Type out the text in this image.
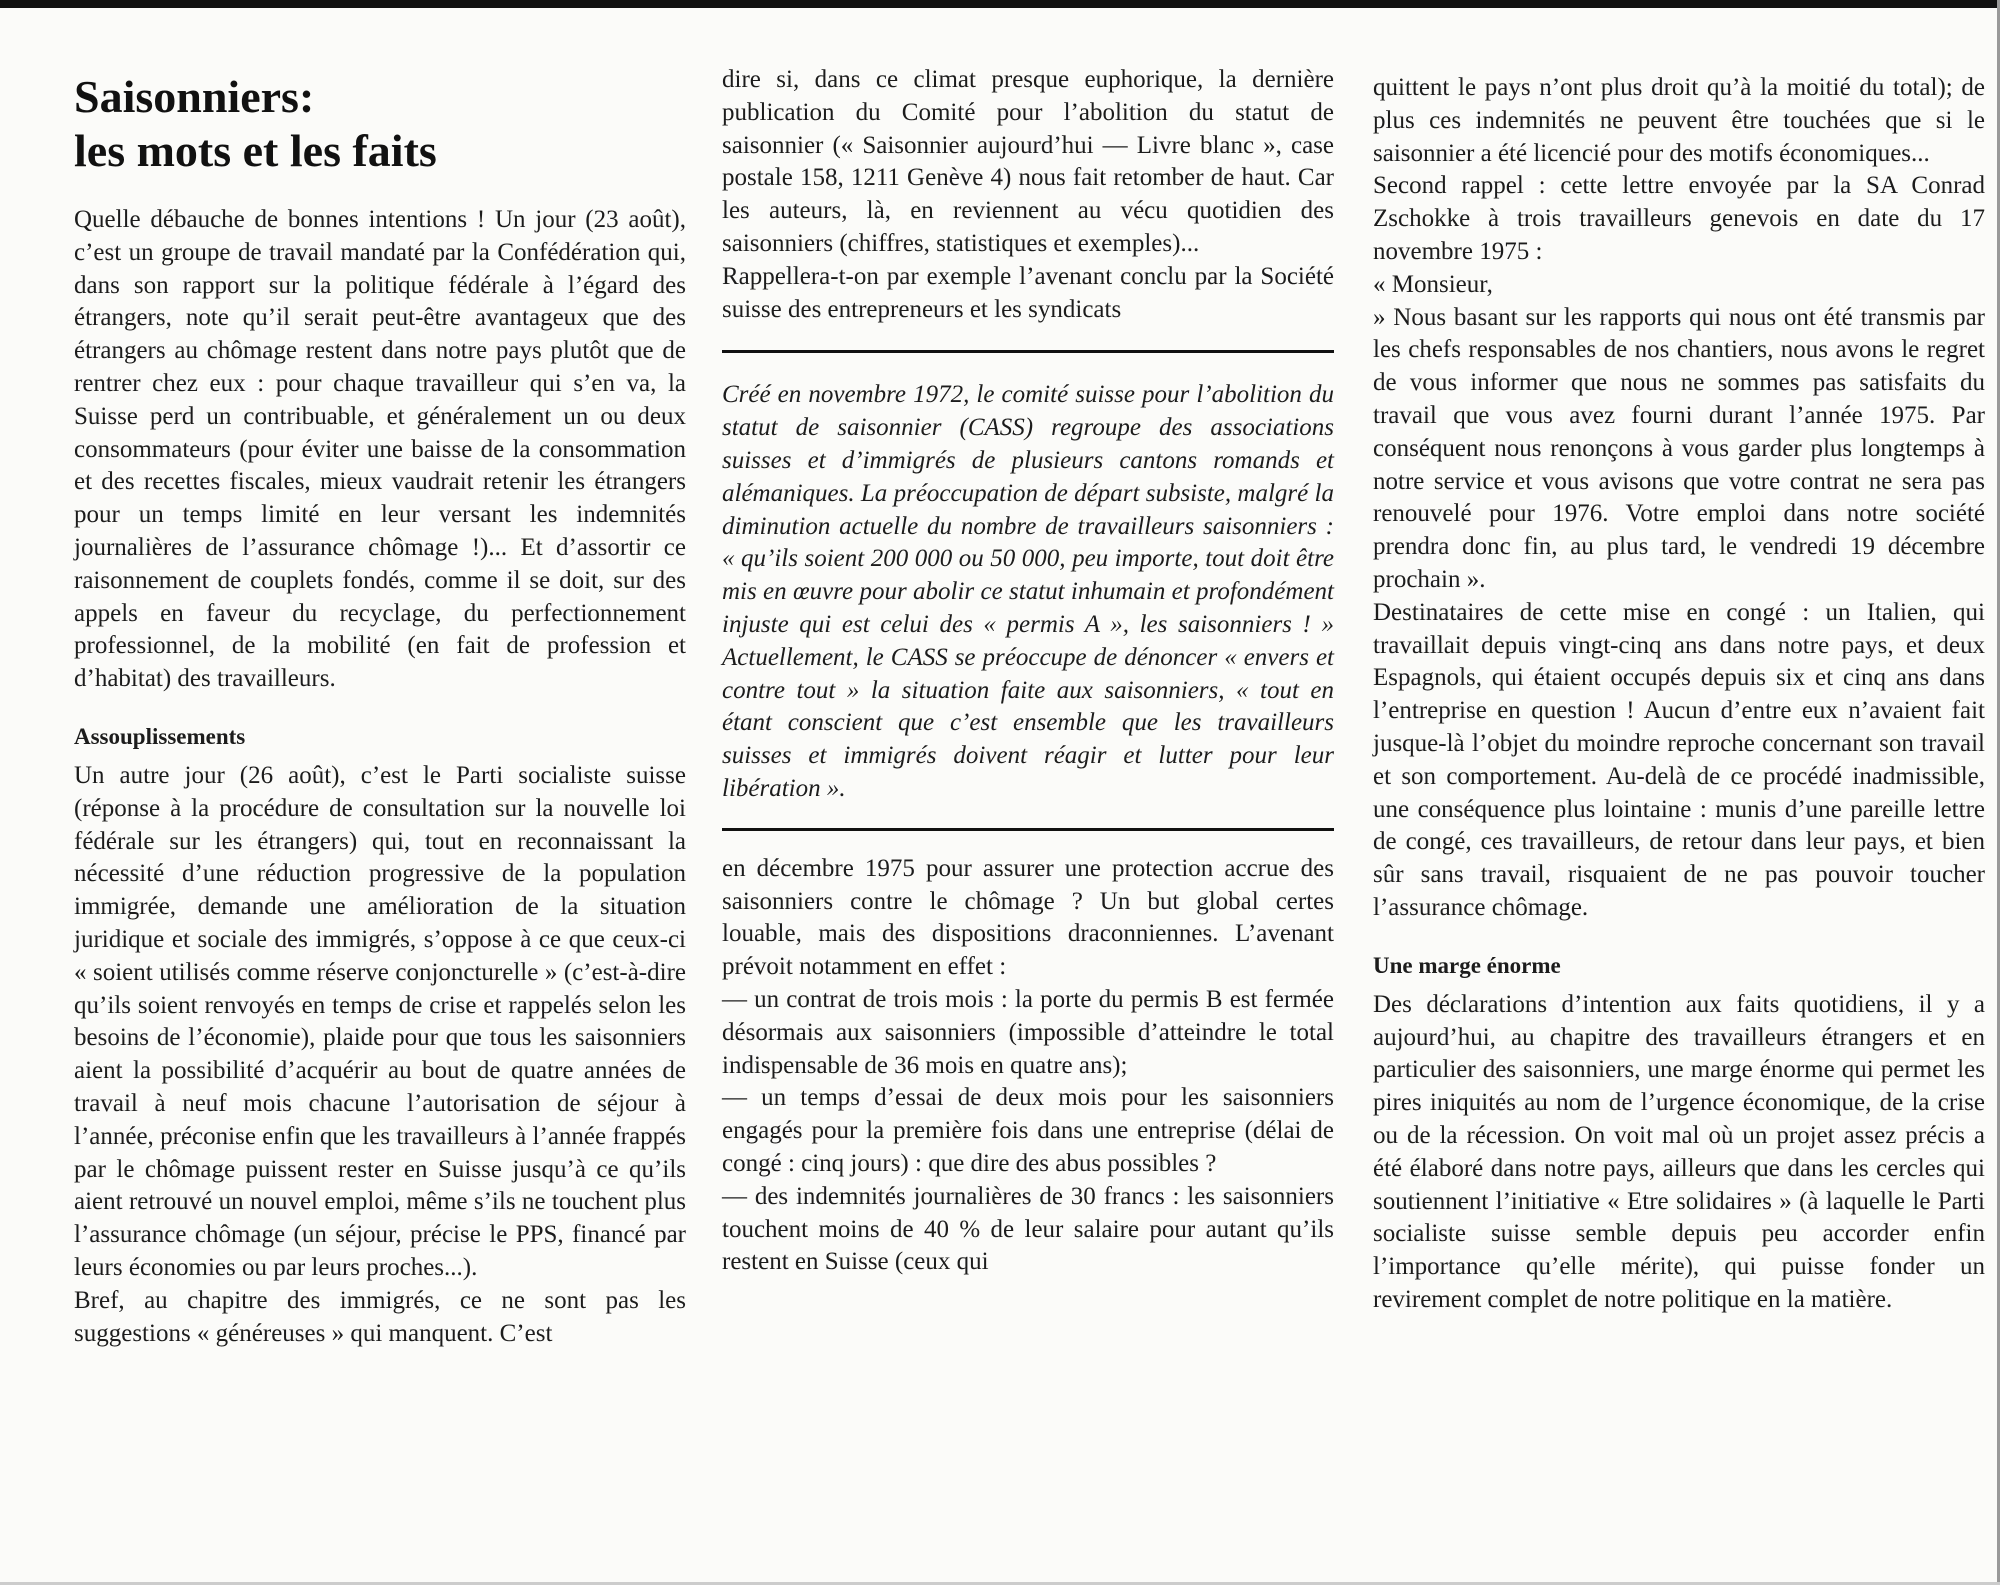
Saisonniers:
les mots et les faits

Quelle débauche de bonnes intentions ! Un jour (23 août), c’est un groupe de travail mandaté par la Confédération qui, dans son rapport sur la politique fédérale à l’égard des étrangers, note qu’il serait peut-être avantageux que des étrangers au chômage restent dans notre pays plutôt que de rentrer chez eux : pour chaque travailleur qui s’en va, la Suisse perd un contribuable, et généralement un ou deux consommateurs (pour éviter une baisse de la consommation et des recettes fiscales, mieux vaudrait retenir les étrangers pour un temps limité en leur versant les indemnités journalières de l’assurance chômage !)... Et d’assortir ce raisonnement de couplets fondés, comme il se doit, sur des appels en faveur du recyclage, du perfectionnement professionnel, de la mobilité (en fait de profession et d’habitat) des travailleurs.

Assouplissements

Un autre jour (26 août), c’est le Parti socialiste suisse (réponse à la procédure de consultation sur la nouvelle loi fédérale sur les étrangers) qui, tout en reconnaissant la nécessité d’une réduction progressive de la population immigrée, demande une amélioration de la situation juridique et sociale des immigrés, s’oppose à ce que ceux-ci « soient utilisés comme réserve conjoncturelle » (c’est-à-dire qu’ils soient renvoyés en temps de crise et rappelés selon les besoins de l’économie), plaide pour que tous les saisonniers aient la possibilité d’acquérir au bout de quatre années de travail à neuf mois chacune l’autorisation de séjour à l’année, préconise enfin que les travailleurs à l’année frappés par le chômage puissent rester en Suisse jusqu’à ce qu’ils aient retrouvé un nouvel emploi, même s’ils ne touchent plus l’assurance chômage (un séjour, précise le PPS, financé par leurs économies ou par leurs proches...).

Bref, au chapitre des immigrés, ce ne sont pas les suggestions « généreuses » qui manquent. C’est

dire si, dans ce climat presque euphorique, la dernière publication du Comité pour l’abolition du statut de saisonnier (« Saisonnier aujourd’hui — Livre blanc », case postale 158, 1211 Genève 4) nous fait retomber de haut. Car les auteurs, là, en reviennent au vécu quotidien des saisonniers (chiffres, statistiques et exemples)...

Rappellera-t-on par exemple l’avenant conclu par la Société suisse des entrepreneurs et les syndicats

Créé en novembre 1972, le comité suisse pour l’abolition du statut de saisonnier (CASS) regroupe des associations suisses et d’immigrés de plusieurs cantons romands et alémaniques. La préoccupation de départ subsiste, malgré la diminution actuelle du nombre de travailleurs saisonniers : « qu’ils soient 200 000 ou 50 000, peu importe, tout doit être mis en œuvre pour abolir ce statut inhumain et profondément injuste qui est celui des « permis A », les saisonniers ! » Actuellement, le CASS se préoccupe de dénoncer « envers et contre tout » la situation faite aux saisonniers, « tout en étant conscient que c’est ensemble que les travailleurs suisses et immigrés doivent réagir et lutter pour leur libération ».

en décembre 1975 pour assurer une protection accrue des saisonniers contre le chômage ? Un but global certes louable, mais des dispositions draconniennes. L’avenant prévoit notamment en effet :

— un contrat de trois mois : la porte du permis B est fermée désormais aux saisonniers (impossible d’atteindre le total indispensable de 36 mois en quatre ans);

— un temps d’essai de deux mois pour les saisonniers engagés pour la première fois dans une entreprise (délai de congé : cinq jours) : que dire des abus possibles ?

— des indemnités journalières de 30 francs : les saisonniers touchent moins de 40 % de leur salaire pour autant qu’ils restent en Suisse (ceux qui

quittent le pays n’ont plus droit qu’à la moitié du total); de plus ces indemnités ne peuvent être touchées que si le saisonnier a été licencié pour des motifs économiques...

Second rappel : cette lettre envoyée par la SA Conrad Zschokke à trois travailleurs genevois en date du 17 novembre 1975 :

« Monsieur,

» Nous basant sur les rapports qui nous ont été transmis par les chefs responsables de nos chantiers, nous avons le regret de vous informer que nous ne sommes pas satisfaits du travail que vous avez fourni durant l’année 1975. Par conséquent nous renonçons à vous garder plus longtemps à notre service et vous avisons que votre contrat ne sera pas renouvelé pour 1976. Votre emploi dans notre société prendra donc fin, au plus tard, le vendredi 19 décembre prochain ».

Destinataires de cette mise en congé : un Italien, qui travaillait depuis vingt-cinq ans dans notre pays, et deux Espagnols, qui étaient occupés depuis six et cinq ans dans l’entreprise en question ! Aucun d’entre eux n’avaient fait jusque-là l’objet du moindre reproche concernant son travail et son comportement. Au-delà de ce procédé inadmissible, une conséquence plus lointaine : munis d’une pareille lettre de congé, ces travailleurs, de retour dans leur pays, et bien sûr sans travail, risquaient de ne pas pouvoir toucher l’assurance chômage.

Une marge énorme

Des déclarations d’intention aux faits quotidiens, il y a aujourd’hui, au chapitre des travailleurs étrangers et en particulier des saisonniers, une marge énorme qui permet les pires iniquités au nom de l’urgence économique, de la crise ou de la récession. On voit mal où un projet assez précis a été élaboré dans notre pays, ailleurs que dans les cercles qui soutiennent l’initiative « Etre solidaires » (à laquelle le Parti socialiste suisse semble depuis peu accorder enfin l’importance qu’elle mérite), qui puisse fonder un revirement complet de notre politique en la matière.
